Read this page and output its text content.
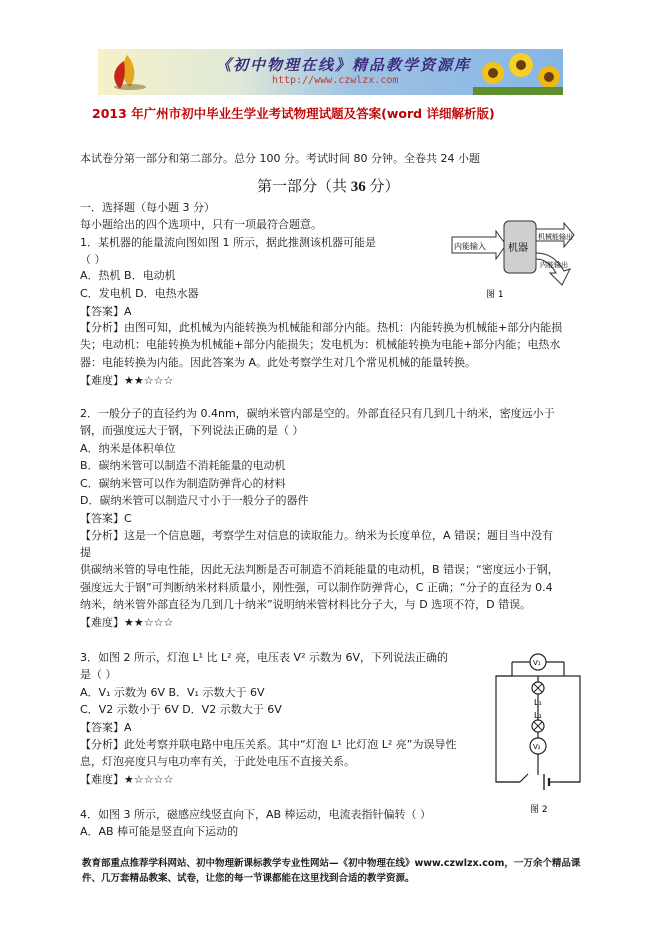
《初中物理在线》精品教学资源库
http://www.czwlzx.com
2013 年广州市初中毕业生学业考试物理试题及答案(word 详细解析版)
本试卷分第一部分和第二部分。总分 100 分。考试时间 80 分钟。全卷共 24 小题
第一部分（共 36 分）
一．选择题（每小题 3 分）
每小题给出的四个选项中，只有一项最符合题意。
1．某机器的能量流向图如图 1 所示，据此推测该机器可能是
（ ）
A．热机 B．电动机
C．发电机 D．电热水器
【答案】A
【分析】由图可知，此机械为内能转换为机械能和部分内能。热机：内能转换为机械能+部分内能损
失；电动机：电能转换为机械能+部分内能损失；发电机为：机械能转换为电能+部分内能；电热水
器：电能转换为内能。因此答案为 A。此处考察学生对几个常见机械的能量转换。
【难度】★★☆☆☆
内能输入 机器
机械能输出
内能输出
图 1
2．一般分子的直径约为 0.4nm，碳纳米管内部是空的。外部直径只有几到几十纳米，密度远小于
钢，而强度远大于钢，下列说法正确的是（ ）
A．纳米是体积单位
B．碳纳米管可以制造不消耗能量的电动机
C．碳纳米管可以作为制造防弹背心的材料
D．碳纳米管可以制造尺寸小于一般分子的器件
【答案】C
【分析】这是一个信息题，考察学生对信息的读取能力。纳米为长度单位，A 错误；题目当中没有
提
供碳纳米管的导电性能，因此无法判断是否可制造不消耗能量的电动机，B 错误；“密度远小于钢，
强度远大于钢”可判断纳米材料质量小，刚性强，可以制作防弹背心，C 正确；“分子的直径为 0.4
纳米，纳米管外部直径为几到几十纳米”说明纳米管材料比分子大，与 D 选项不符，D 错误。
【难度】★★☆☆☆
3．如图 2 所示，灯泡 L¹ 比 L² 亮，电压表 V² 示数为 6V，下列说法正确的
是（ ）
A．V₁ 示数为 6V B．V₁ 示数大于 6V
C．V2 示数小于 6V D．V2 示数大于 6V
【答案】A
【分析】此处考察并联电路中电压关系。其中“灯泡 L¹ 比灯泡 L² 亮”为误导性
息，灯泡亮度只与电功率有关，于此处电压不直接关系。
【难度】★☆☆☆☆
V₁
L₁
L₂
V₂
图 2
4．如图 3 所示，磁感应线竖直向下，AB 棒运动，电流表指针偏转（ ）
A．AB 棒可能是竖直向下运动的
教育部重点推荐学科网站、初中物理新课标教学专业性网站—《初中物理在线》www.czwlzx.com，一万余个精品课
件、几万套精品教案、试卷，让您的每一节课都能在这里找到合适的教学资源。
